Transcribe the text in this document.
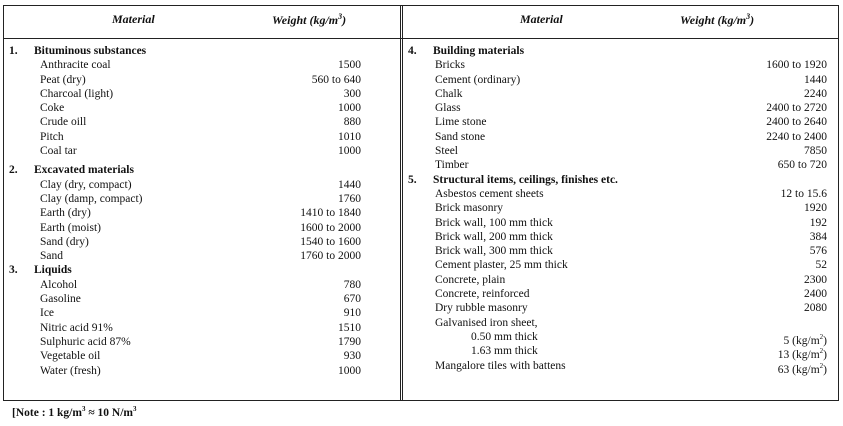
Material	Weight $(kg/m^3)$	Material	Weight $(kg/m^3)$
1. Bituminous substances
Anthracite coal	1500
Peat (dry)	560 to 640
Charcoal (light)	300
Coke	1000
Crude oill	880
Pitch	1010
Coal tar	1000
2. Excavated materials
Clay (dry, compact)	1440
Clay (damp, compact)	1760
Earth (dry)	1410 to 1840
Earth (moist)	1600 to 2000
Sand (dry)	1540 to 1600
Sand	1760 to 2000
3. Liquids
Alcohol	780
Gasoline	670
Ice	910
Nitric acid 91%	1510
Sulphuric acid 87%	1790
Vegetable oil	930
Water (fresh)	1000
4. Building materials
Bricks	1600 to 1920
Cement (ordinary)	1440
Chalk	2240
Glass	2400 to 2720
Lime stone	2400 to 2640
Sand stone	2240 to 2400
Steel	7850
Timber	650 to 720
5. Structural items, ceilings, finishes etc.
Asbestos cement sheets	12 to 15.6
Brick masonry	1920
Brick wall, 100 mm thick	192
Brick wall, 200 mm thick	384
Brick wall, 300 mm thick	576
Cement plaster, 25 mm thick	52
Concrete, plain	2300
Concrete, reinforced	2400
Dry rubble masonry	2080
Galvanised iron sheet,
0.50 mm thick	5 $(kg/m^2)$
1.63 mm thick	13 $(kg/m^2)$
Mangalore tiles with battens	63 $(kg/m^2)$
[Note : 1 $kg/m^3 \approx 10$ $N/m^3$
